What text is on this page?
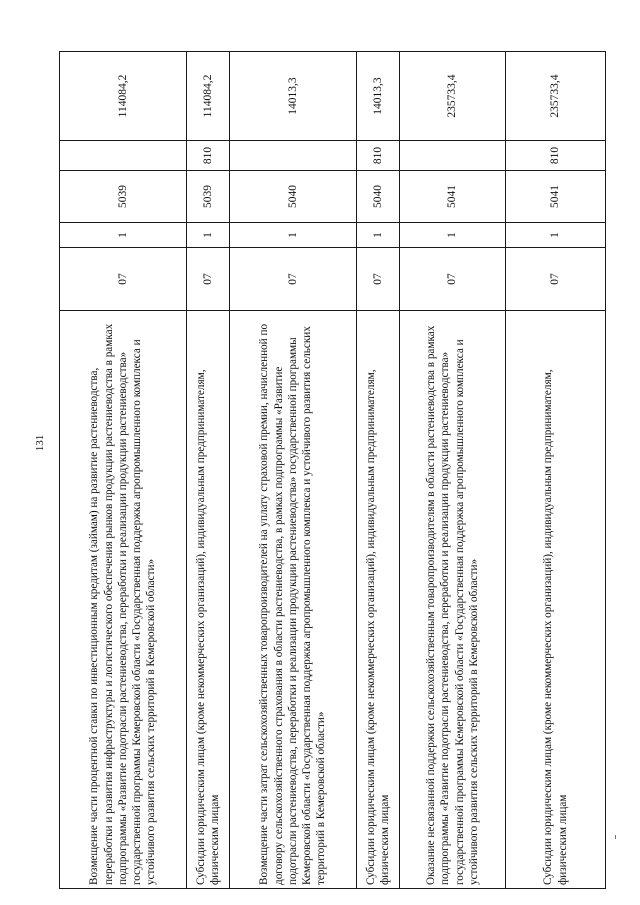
131	Возмещение части процентной ставки по инвестиционным кредитам (займам) на развитие растениеводства, переработки и развития инфраструктуры и логистического обеспечения рынков продукции растениеводства в рамках подпрограммы «Развитие подотрасли растениеводства, переработки и реализации продукции растениеводства» государственной программы Кемеровской области «Государственная поддержка агропромышленного комплекса и устойчивого развития сельских территорий в Кемеровской области»	07	1	5039		114084,2
Субсидии юридическим лицам (кроме некоммерческих организаций), индивидуальным предпринимателям, физическим лицам	07	1	5039	810	114084,2
Возмещение части затрат сельскохозяйственных товаропроизводителей на уплату страховой премии, начисленной по договору сельскохозяйственного страхования в области растениеводства, в рамках подпрограммы «Развитие подотрасли растениеводства, переработки и реализации продукции растениеводства» государственной программы Кемеровской области «Государственная поддержка агропромышленного комплекса и устойчивого развития сельских территорий в Кемеровской области»	07	1	5040		14013,3
Субсидии юридическим лицам (кроме некоммерческих организаций), индивидуальным предпринимателям, физическим лицам	07	1	5040	810	14013,3
Оказание несвязанной поддержки сельскохозяйственным товаропроизводителям в области растениеводства в рамках подпрограммы «Развитие подотрасли растениеводства, переработки и реализации продукции растениеводства» государственной программы Кемеровской области «Государственная поддержка агропромышленного комплекса и устойчивого развития сельских территорий в Кемеровской области»	07	1	5041		235733,4
Субсидии юридическим лицам (кроме некоммерческих организаций), индивидуальным предпринимателям, физическим лицам	07	1	5041	810	235733,4
